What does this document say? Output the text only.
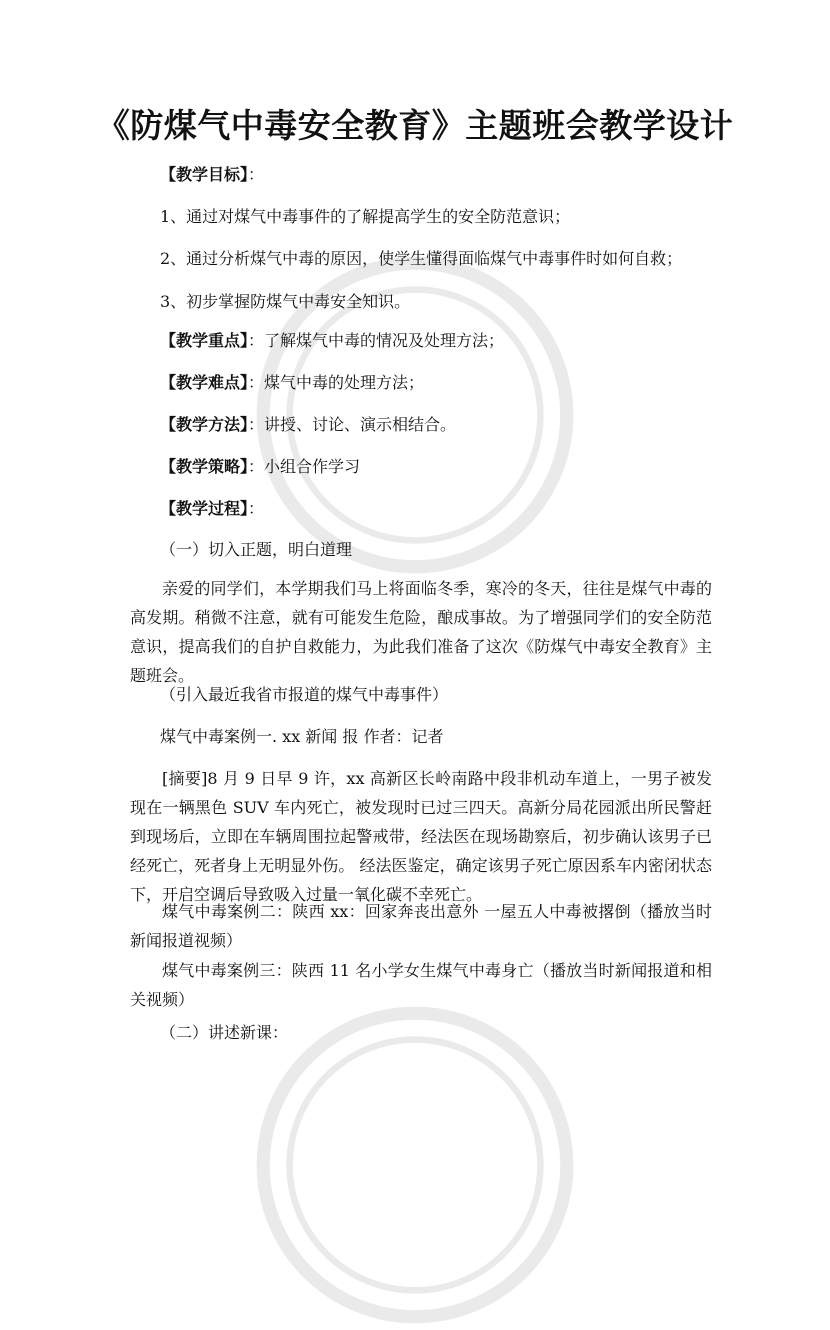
《防煤气中毒安全教育》主题班会教学设计
【教学目标】：
1、通过对煤气中毒事件的了解提高学生的安全防范意识；
2、通过分析煤气中毒的原因，使学生懂得面临煤气中毒事件时如何自救；
3、初步掌握防煤气中毒安全知识。
【教学重点】：了解煤气中毒的情况及处理方法；
【教学难点】：煤气中毒的处理方法；
【教学方法】：讲授、讨论、演示相结合。
【教学策略】：小组合作学习
【教学过程】：
（一）切入正题，明白道理
亲爱的同学们，本学期我们马上将面临冬季，寒冷的冬天，往往是煤气中毒的高发期。稍微不注意，就有可能发生危险，酿成事故。为了增强同学们的安全防范意识，提高我们的自护自救能力，为此我们准备了这次《防煤气中毒安全教育》主题班会。
（引入最近我省市报道的煤气中毒事件）
煤气中毒案例一. xx 新闻 报 作者：记者
[摘要]8 月 9 日早 9 许，xx 高新区长岭南路中段非机动车道上，一男子被发现在一辆黑色 SUV 车内死亡，被发现时已过三四天。高新分局花园派出所民警赶到现场后，立即在车辆周围拉起警戒带，经法医在现场勘察后，初步确认该男子已经死亡，死者身上无明显外伤。 经法医鉴定，确定该男子死亡原因系车内密闭状态下，开启空调后导致吸入过量一氧化碳不幸死亡。
煤气中毒案例二：陕西 xx：回家奔丧出意外 一屋五人中毒被撂倒（播放当时新闻报道视频）
煤气中毒案例三：陕西 11 名小学女生煤气中毒身亡（播放当时新闻报道和相关视频）
（二）讲述新课：
